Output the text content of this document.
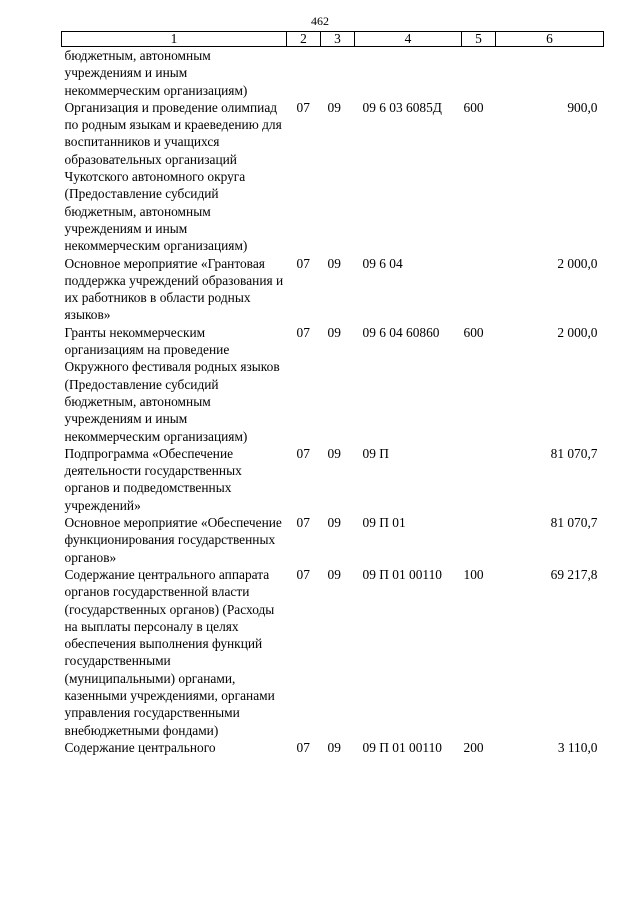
462
1	2	3	4	5	6
бюджетным, автономным учреждениям и иным некоммерческим организациям)					
Организация и проведение олимпиад по родным языкам и краеведению для воспитанников и учащихся образовательных организаций Чукотского автономного округа (Предоставление субсидий бюджетным, автономным учреждениям и иным некоммерческим организациям)	07	09	09 6 03 6085Д	600	900,0
Основное мероприятие «Грантовая поддержка учреждений образования и их работников в области родных языков»	07	09	09 6 04		2 000,0
Гранты некоммерческим организациям на проведение Окружного фестиваля родных языков (Предоставление субсидий бюджетным, автономным учреждениям и иным некоммерческим организациям)	07	09	09 6 04 60860	600	2 000,0
Подпрограмма «Обеспечение деятельности государственных органов и подведомственных учреждений»	07	09	09 П		81 070,7
Основное мероприятие «Обеспечение функционирования государственных органов»	07	09	09 П 01		81 070,7
Содержание центрального аппарата органов государственной власти (государственных органов) (Расходы на выплаты персоналу в целях обеспечения выполнения функций государственными (муниципальными) органами, казенными учреждениями, органами управления государственными внебюджетными фондами)	07	09	09 П 01 00110	100	69 217,8
Содержание центрального	07	09	09 П 01 00110	200	3 110,0
